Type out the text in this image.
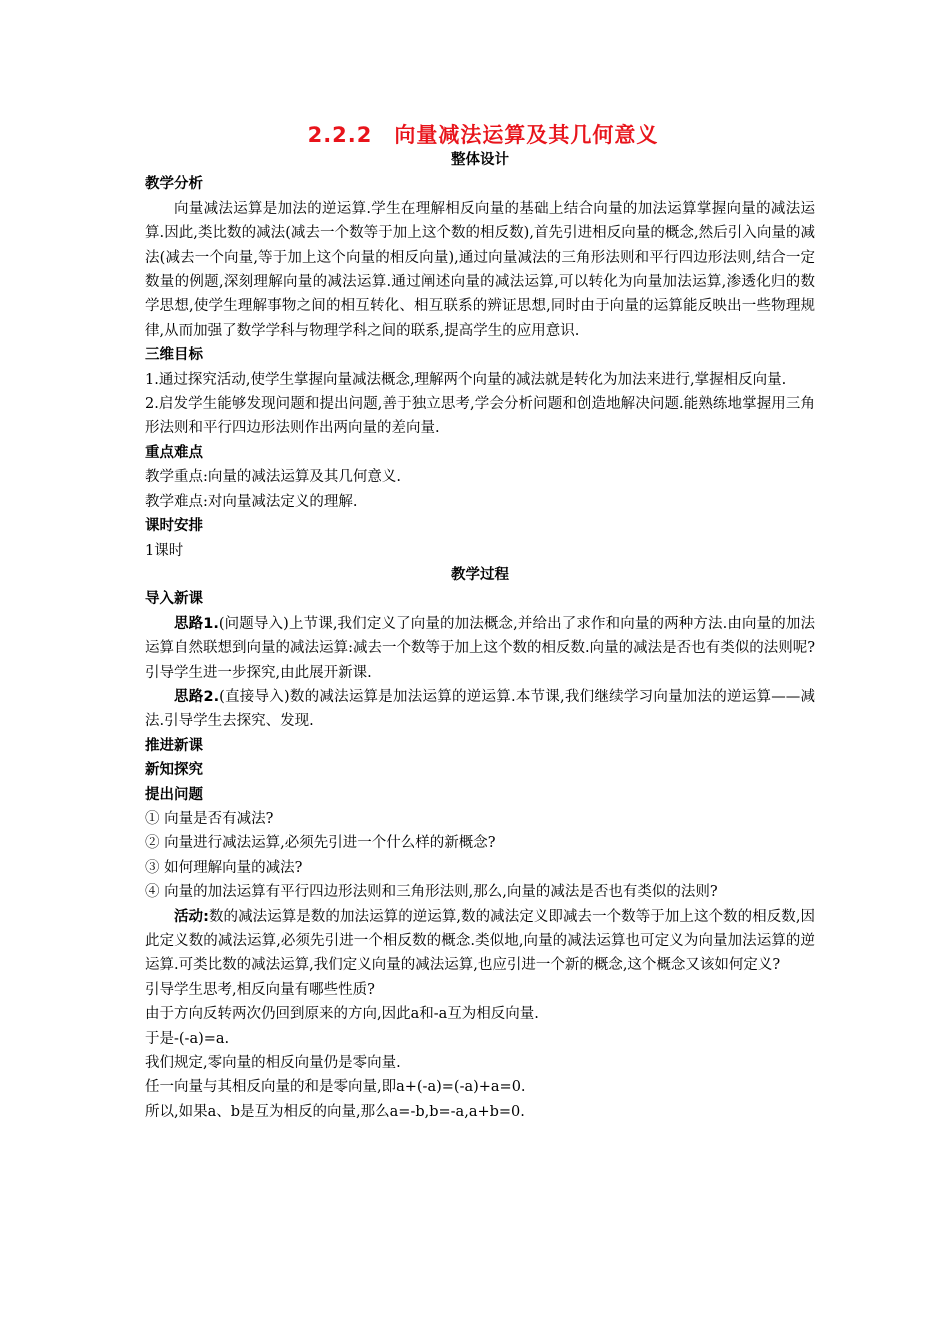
2.2.2　向量减法运算及其几何意义
整体设计
教学分析

向量减法运算是加法的逆运算.学生在理解相反向量的基础上结合向量的加法运算掌握向量的减法运算.因此,类比数的减法(减去一个数等于加上这个数的相反数),首先引进相反向量的概念,然后引入向量的减法(减去一个向量,等于加上这个向量的相反向量),通过向量减法的三角形法则和平行四边形法则,结合一定数量的例题,深刻理解向量的减法运算.通过阐述向量的减法运算,可以转化为向量加法运算,渗透化归的数学思想,使学生理解事物之间的相互转化、相互联系的辨证思想,同时由于向量的运算能反映出一些物理规律,从而加强了数学学科与物理学科之间的联系,提高学生的应用意识.

三维目标

1.通过探究活动,使学生掌握向量减法概念,理解两个向量的减法就是转化为加法来进行,掌握相反向量.

2.启发学生能够发现问题和提出问题,善于独立思考,学会分析问题和创造地解决问题.能熟练地掌握用三角形法则和平行四边形法则作出两向量的差向量.

重点难点

教学重点:向量的减法运算及其几何意义.

教学难点:对向量减法定义的理解.

课时安排

1课时

教学过程
导入新课

思路1.(问题导入)上节课,我们定义了向量的加法概念,并给出了求作和向量的两种方法.由向量的加法运算自然联想到向量的减法运算:减去一个数等于加上这个数的相反数.向量的减法是否也有类似的法则呢?引导学生进一步探究,由此展开新课.

思路2.(直接导入)数的减法运算是加法运算的逆运算.本节课,我们继续学习向量加法的逆运算——减法.引导学生去探究、发现.

推进新课
新知探究
提出问题

① 向量是否有减法?

② 向量进行减法运算,必须先引进一个什么样的新概念?

③ 如何理解向量的减法?

④ 向量的加法运算有平行四边形法则和三角形法则,那么,向量的减法是否也有类似的法则?

活动:数的减法运算是数的加法运算的逆运算,数的减法定义即减去一个数等于加上这个数的相反数,因此定义数的减法运算,必须先引进一个相反数的概念.类似地,向量的减法运算也可定义为向量加法运算的逆运算.可类比数的减法运算,我们定义向量的减法运算,也应引进一个新的概念,这个概念又该如何定义?

引导学生思考,相反向量有哪些性质?

由于方向反转两次仍回到原来的方向,因此a和-a互为相反向量.

于是-(-a)=a.

我们规定,零向量的相反向量仍是零向量.

任一向量与其相反向量的和是零向量,即a+(-a)=(-a)+a=0.

所以,如果a、b是互为相反的向量,那么a=-b,b=-a,a+b=0.
